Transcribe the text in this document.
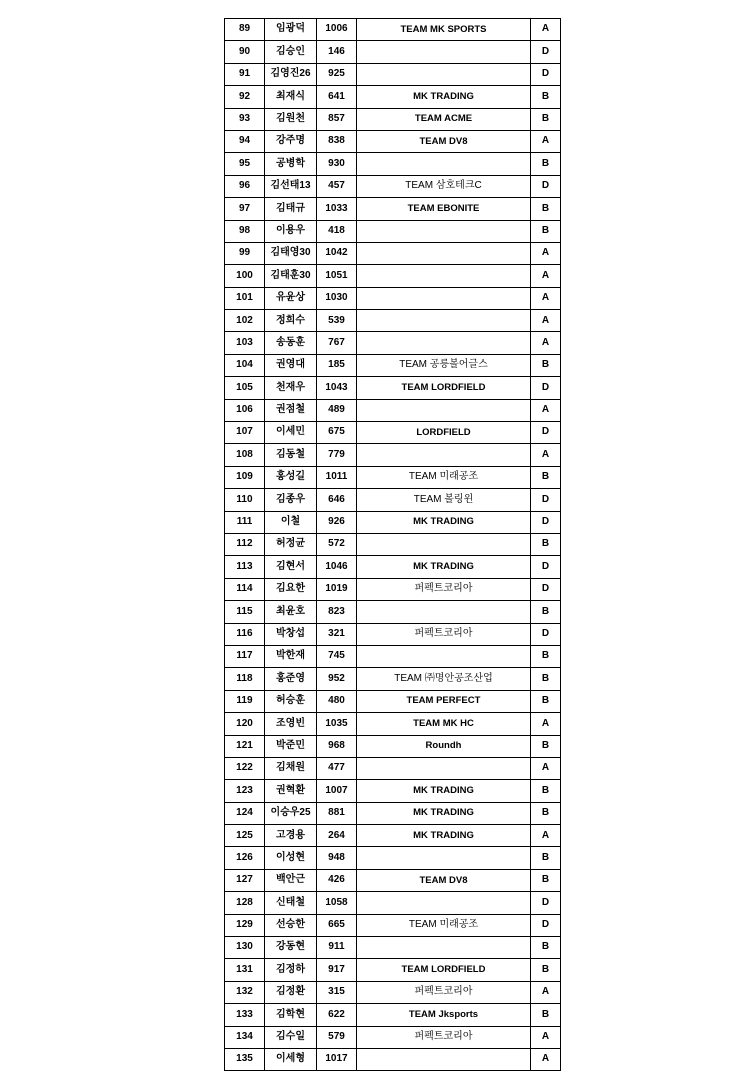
89	임광덕	1006	TEAM MK SPORTS	A
90	김승인	146		D
91	김영진26	925		D
92	최재식	641	MK TRADING	B
93	김원천	857	TEAM ACME	B
94	강주명	838	TEAM DV8	A
95	공병학	930		B
96	김선태13	457	TEAM 삼호테크C	D
97	김태규	1033	TEAM EBONITE	B
98	이용우	418		B
99	김태영30	1042		A
100	김태훈30	1051		A
101	유윤상	1030		A
102	정희수	539		A
103	송동훈	767		A
104	권영대	185	TEAM 공릉볼어글스	B
105	천재우	1043	TEAM LORDFIELD	D
106	권점철	489		A
107	이세민	675	LORDFIELD	D
108	김동철	779		A
109	홍성길	1011	TEAM 미래공조	B
110	김종우	646	TEAM 볼링윈	D
111	이철	926	MK TRADING	D
112	허정균	572		B
113	김현서	1046	MK TRADING	D
114	김요한	1019	퍼펙트코리아	D
115	최윤호	823		B
116	박창섭	321	퍼펙트코리아	D
117	박한재	745		B
118	홍준영	952	TEAM ㈜명안공조산업	B
119	허승훈	480	TEAM PERFECT	B
120	조영빈	1035	TEAM MK HC	A
121	박준민	968	Roundh	B
122	김채원	477		A
123	권혁환	1007	MK TRADING	B
124	이승우25	881	MK TRADING	B
125	고경용	264	MK TRADING	A
126	이성현	948		B
127	백안근	426	TEAM DV8	B
128	신태철	1058		D
129	선승한	665	TEAM 미래공조	D
130	강동현	911		B
131	김정하	917	TEAM LORDFIELD	B
132	김정환	315	퍼펙트코리아	A
133	김학현	622	TEAM Jksports	B
134	김수일	579	퍼펙트코리아	A
135	이세형	1017		A
